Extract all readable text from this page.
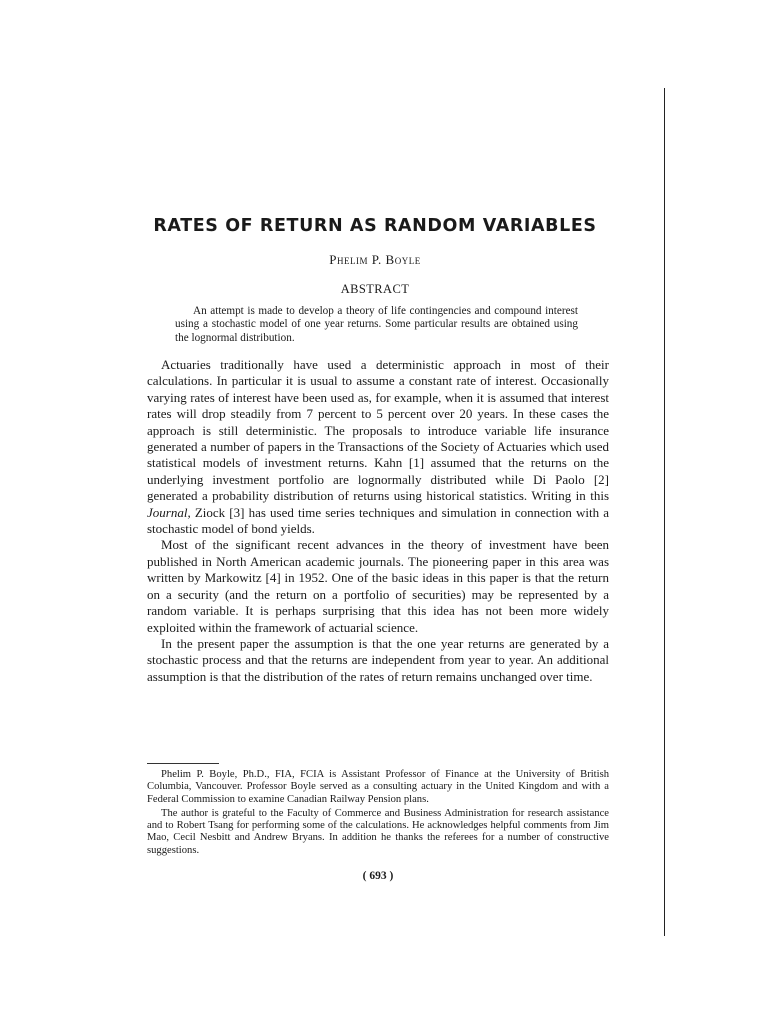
RATES OF RETURN AS RANDOM VARIABLES
Phelim P. Boyle
ABSTRACT

An attempt is made to develop a theory of life contingencies and compound interest using a stochastic model of one year returns. Some particular results are obtained using the lognormal distribution.

Actuaries traditionally have used a deterministic approach in most of their calculations. In particular it is usual to assume a constant rate of interest. Occasionally varying rates of interest have been used as, for example, when it is assumed that interest rates will drop steadily from 7 percent to 5 percent over 20 years. In these cases the approach is still deterministic. The proposals to introduce variable life insurance generated a number of papers in the Transactions of the Society of Actuaries which used statistical models of investment returns. Kahn [1] assumed that the returns on the underlying investment portfolio are lognormally distributed while Di Paolo [2] generated a probability distribution of returns using historical statistics. Writing in this Journal, Ziock [3] has used time series techniques and simulation in connection with a stochastic model of bond yields.

Most of the significant recent advances in the theory of investment have been published in North American academic journals. The pioneering paper in this area was written by Markowitz [4] in 1952. One of the basic ideas in this paper is that the return on a security (and the return on a portfolio of securities) may be represented by a random variable. It is perhaps surprising that this idea has not been more widely exploited within the framework of actuarial science.

In the present paper the assumption is that the one year returns are generated by a stochastic process and that the returns are independent from year to year. An additional assumption is that the distribution of the rates of return remains unchanged over time.

Phelim P. Boyle, Ph.D., FIA, FCIA is Assistant Professor of Finance at the University of British Columbia, Vancouver. Professor Boyle served as a consulting actuary in the United Kingdom and with a Federal Commission to examine Canadian Railway Pension plans.

The author is grateful to the Faculty of Commerce and Business Administration for research assistance and to Robert Tsang for performing some of the calculations. He acknowledges helpful comments from Jim Mao, Cecil Nesbitt and Andrew Bryans. In addition he thanks the referees for a number of constructive suggestions.

( 693 )
